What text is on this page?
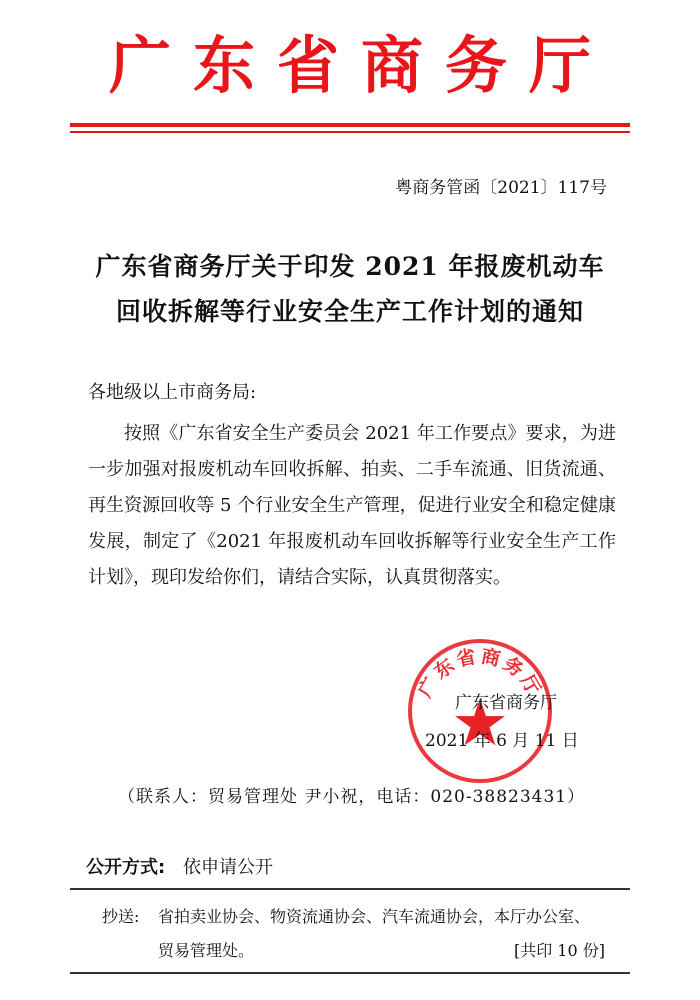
广东省商务厅
粤商务管函〔2021〕117号
广东省商务厅关于印发 2021 年报废机动车
回收拆解等行业安全生产工作计划的通知
各地级以上市商务局:
按照《广东省安全生产委员会 2021 年工作要点》要求，为进一步加强对报废机动车回收拆解、拍卖、二手车流通、旧货流通、再生资源回收等 5 个行业安全生产管理，促进行业安全和稳定健康发展，制定了《2021 年报废机动车回收拆解等行业安全生产工作计划》，现印发给你们，请结合实际，认真贯彻落实。
广东省商务厅
广东省商务厅
2021 年 6 月 11 日
（联系人：贸易管理处 尹小祝，电话：020-38823431）
公开方式: 依申请公开
抄送: 省拍卖业协会、物资流通协会、汽车流通协会，本厅办公室、
贸易管理处。	[共印 10 份]
